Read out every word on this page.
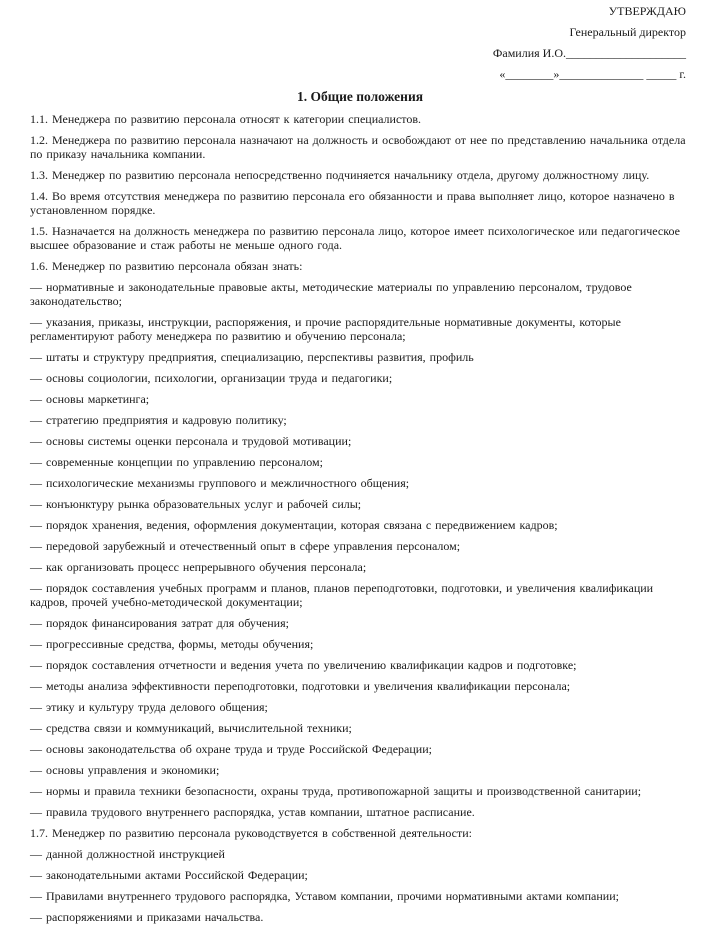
УТВЕРЖДАЮ
Генеральный директор
Фамилия И.О.____________________
«________»______________ _____ г.
1. Общие положения

1.1. Менеджера по развитию персонала относят к категории специалистов.

1.2. Менеджера по развитию персонала назначают на должность и освобождают от нее по представлению начальника отдела по приказу начальника компании.

1.3. Менеджер по развитию персонала непосредственно подчиняется начальнику отдела, другому должностному лицу.

1.4. Во время отсутствия менеджера по развитию персонала его обязанности и права выполняет лицо, которое назначено в установленном порядке.

1.5. Назначается на должность менеджера по развитию персонала лицо, которое имеет психологическое или педагогическое высшее образование и стаж работы не меньше одного года.

1.6. Менеджер по развитию персонала обязан знать:

— нормативные и законодательные правовые акты, методические материалы по управлению персоналом, трудовое законодательство;

— указания, приказы, инструкции, распоряжения, и прочие распорядительные нормативные документы, которые регламентируют работу менеджера по развитию и обучению персонала;

— штаты и структуру предприятия, специализацию, перспективы развития, профиль

— основы социологии, психологии, организации труда и педагогики;

— основы маркетинга;

— стратегию предприятия и кадровую политику;

— основы системы оценки персонала и трудовой мотивации;

— современные концепции по управлению персоналом;

— психологические механизмы группового и межличностного общения;

— конъюнктуру рынка образовательных услуг и рабочей силы;

— порядок хранения, ведения, оформления документации, которая связана с передвижением кадров;

— передовой зарубежный и отечественный опыт в сфере управления персоналом;

— как организовать процесс непрерывного обучения персонала;

— порядок составления учебных программ и планов, планов переподготовки, подготовки, и увеличения квалификации кадров, прочей учебно-методической документации;

— порядок финансирования затрат для обучения;

— прогрессивные средства, формы, методы обучения;

— порядок составления отчетности и ведения учета по увеличению квалификации кадров и подготовке;

— методы анализа эффективности переподготовки, подготовки и увеличения квалификации персонала;

— этику и культуру труда делового общения;

— средства связи и коммуникаций, вычислительной техники;

— основы законодательства об охране труда и труде Российской Федерации;

— основы управления и экономики;

— нормы и правила техники безопасности, охраны труда, противопожарной защиты и производственной санитарии;

— правила трудового внутреннего распорядка, устав компании, штатное расписание.

1.7. Менеджер по развитию персонала руководствуется в собственной деятельности:

— данной должностной инструкцией

— законодательными актами Российской Федерации;

— Правилами внутреннего трудового распорядка, Уставом компании, прочими нормативными актами компании;

— распоряжениями и приказами начальства.
